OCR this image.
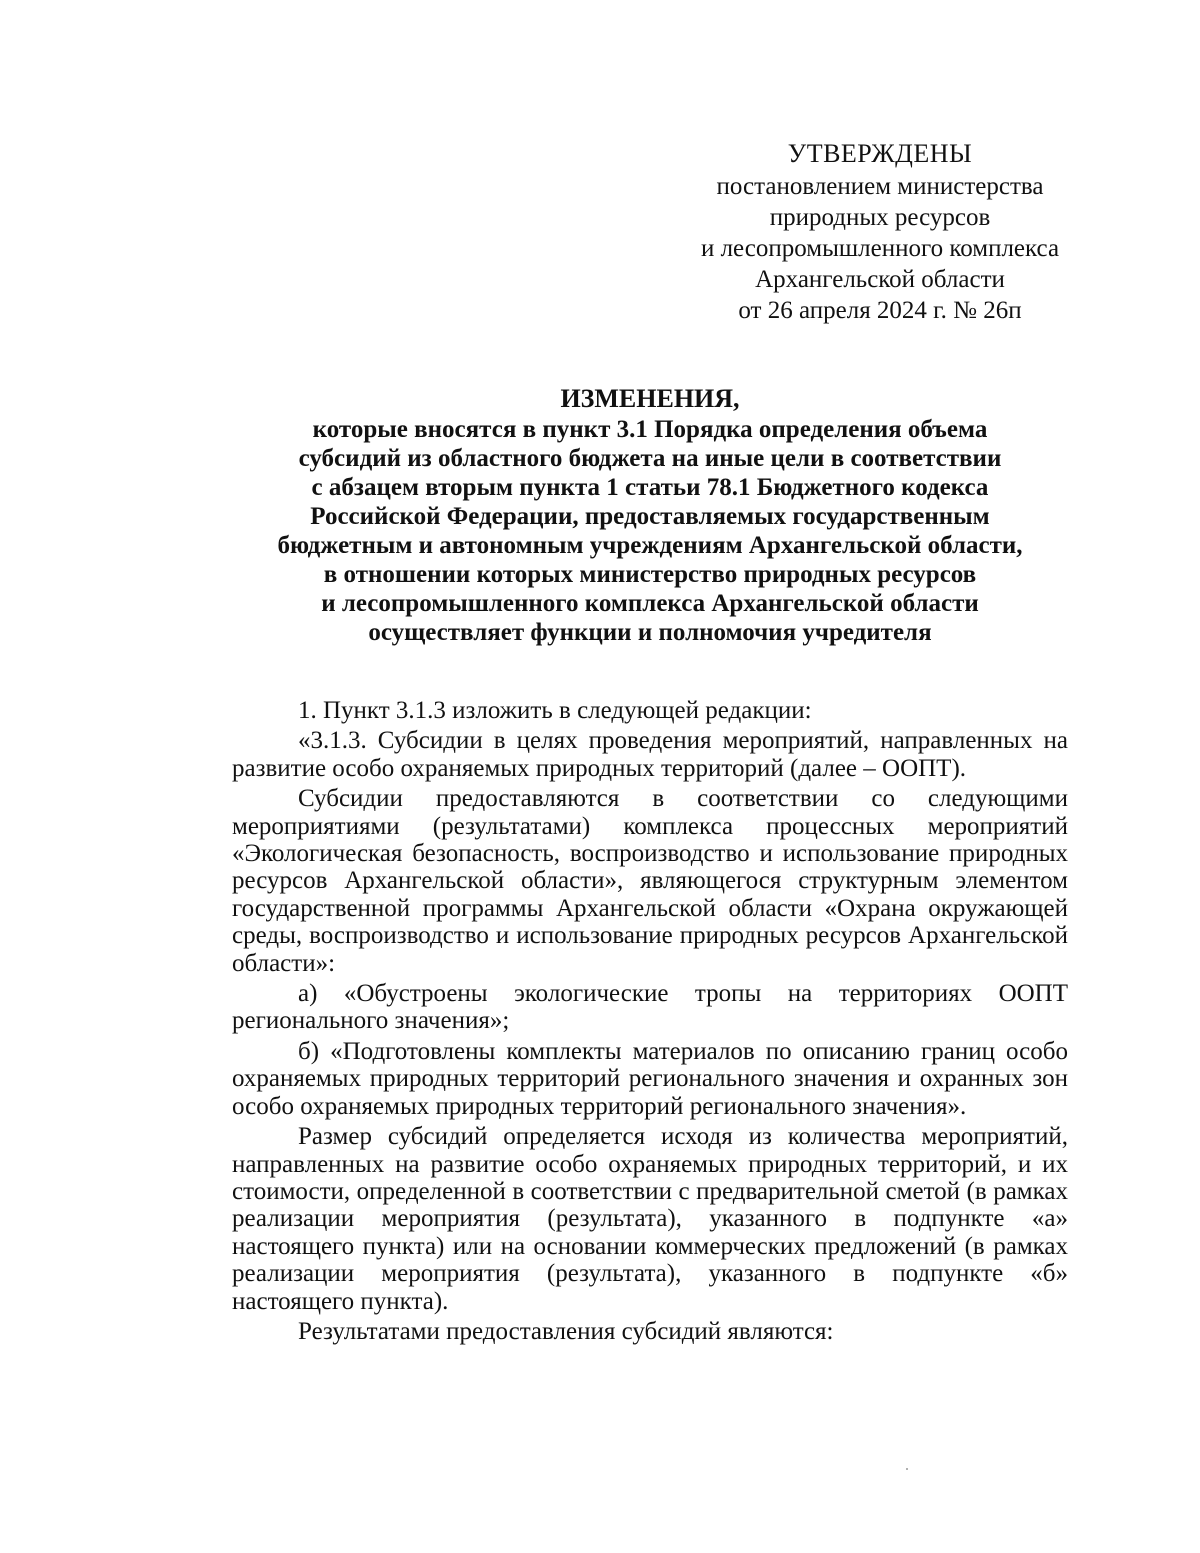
УТВЕРЖДЕНЫ
постановлением министерства
природных ресурсов
и лесопромышленного комплекса
Архангельской области
от 26 апреля 2024 г. № 26п
ИЗМЕНЕНИЯ,
которые вносятся в пункт 3.1 Порядка определения объема
субсидий из областного бюджета на иные цели в соответствии
с абзацем вторым пункта 1 статьи 78.1 Бюджетного кодекса
Российской Федерации, предоставляемых государственным
бюджетным и автономным учреждениям Архангельской области,
в отношении которых министерство природных ресурсов
и лесопромышленного комплекса Архангельской области
осуществляет функции и полномочия учредителя

1. Пункт 3.1.3 изложить в следующей редакции:

«3.1.3. Субсидии в целях проведения мероприятий, направленных на развитие особо охраняемых природных территорий (далее – ООПТ).

Субсидии предоставляются в соответствии со следующими мероприятиями (результатами) комплекса процессных мероприятий «Экологическая безопасность, воспроизводство и использование природных ресурсов Архангельской области», являющегося структурным элементом государственной программы Архангельской области «Охрана окружающей среды, воспроизводство и использование природных ресурсов Архангельской области»:

а) «Обустроены экологические тропы на территориях ООПТ регионального значения»;

б) «Подготовлены комплекты материалов по описанию границ особо охраняемых природных территорий регионального значения и охранных зон особо охраняемых природных территорий регионального значения».

Размер субсидий определяется исходя из количества мероприятий, направленных на развитие особо охраняемых природных территорий, и их стоимости, определенной в соответствии с предварительной сметой (в рамках реализации мероприятия (результата), указанного в подпункте «а» настоящего пункта) или на основании коммерческих предложений (в рамках реализации мероприятия (результата), указанного в подпункте «б» настоящего пункта).

Результатами предоставления субсидий являются:
